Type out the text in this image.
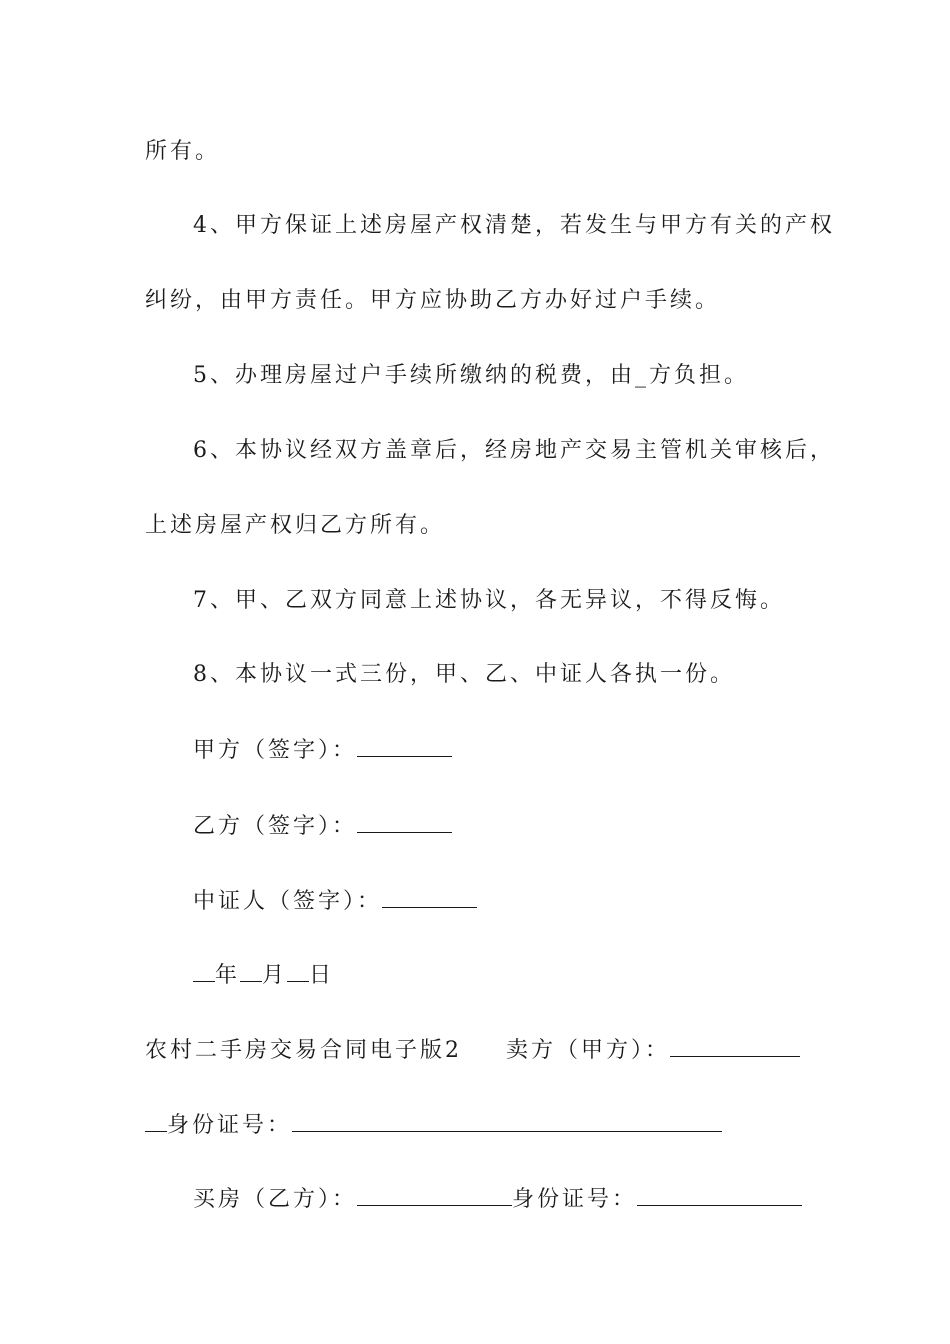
所有。
4、甲方保证上述房屋产权清楚，若发生与甲方有关的产权
纠纷，由甲方责任。甲方应协助乙方办好过户手续。
5、办理房屋过户手续所缴纳的税费，由_方负担。
6、本协议经双方盖章后，经房地产交易主管机关审核后，
上述房屋产权归乙方所有。
7、甲、乙双方同意上述协议，各无异议，不得反悔。
8、本协议一式三份，甲、乙、中证人各执一份。
甲方（签字）：
乙方（签字）：
中证人（签字）：
年 月 日
农村二手房交易合同电子版2 卖方（甲方）：
身份证号：
买房（乙方）：	身份证号：
